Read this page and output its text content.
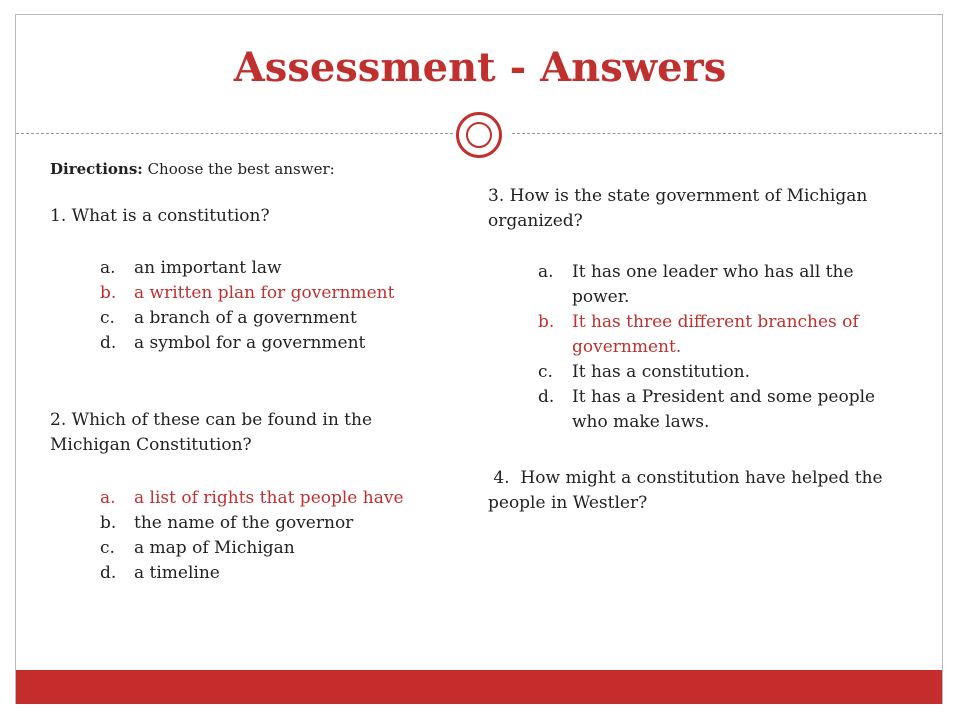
Assessment - Answers
Directions: Choose the best answer:
1. What is a constitution?
a.	an important law
b.	a written plan for government
c.	a branch of a government
d.	a symbol for a government
2. Which of these can be found in the Michigan Constitution?
a.	a list of rights that people have
b.	the name of the governor
c.	a map of Michigan
d.	a timeline
3. How is the state government of Michigan organized?
a.	It has one leader who has all the power.
b.	It has three different branches of government.
c.	It has a constitution.
d.	It has a President and some people who make laws.
4.  How might a constitution have helped the people in Westler?
